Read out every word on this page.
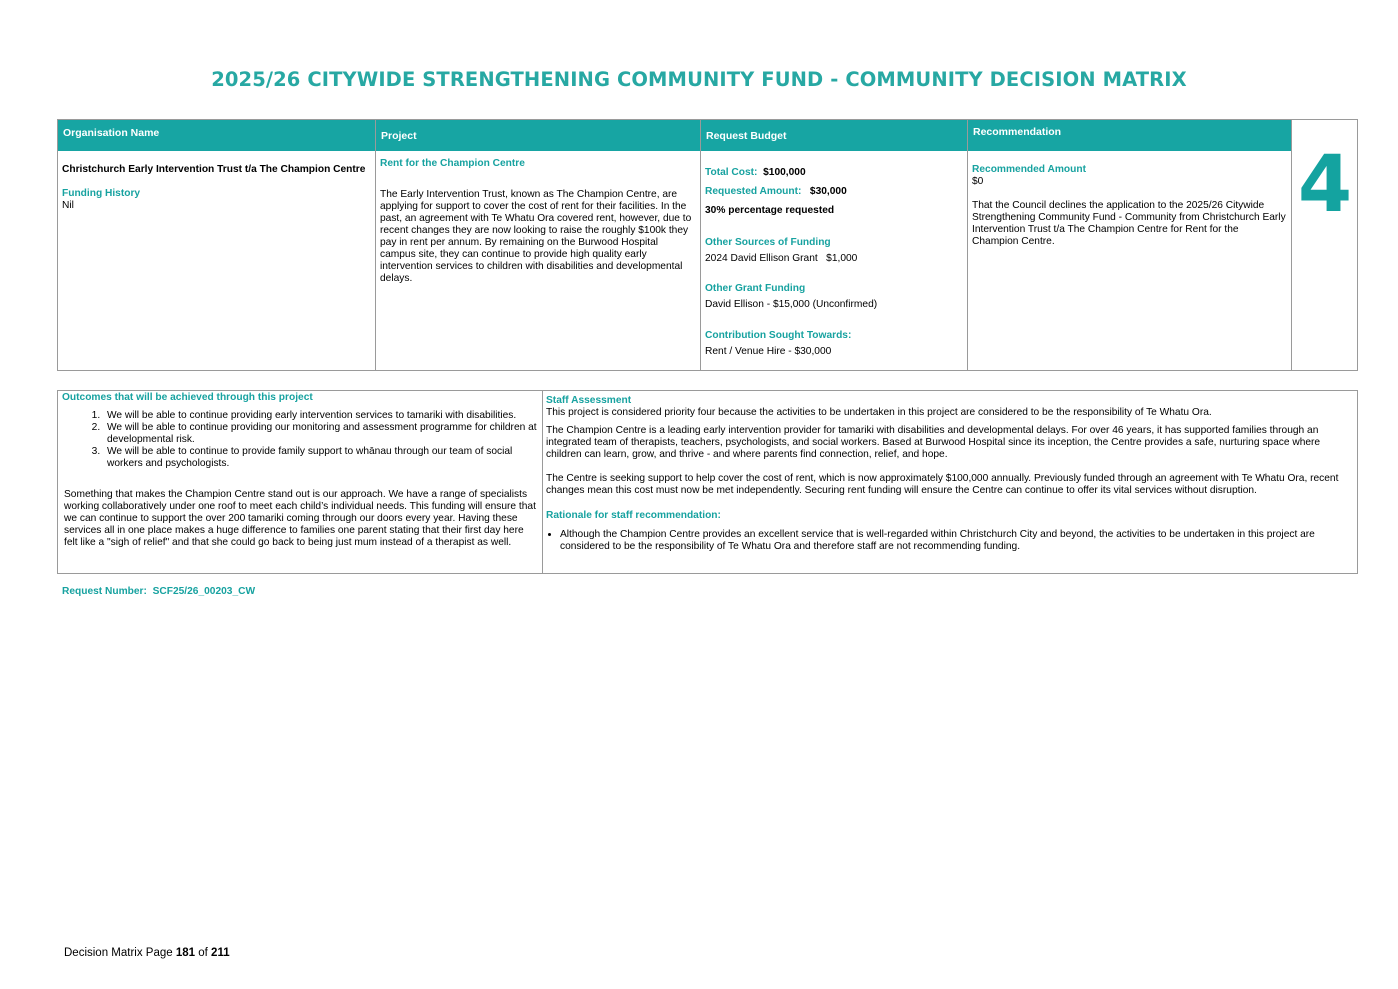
2025/26 CITYWIDE STRENGTHENING COMMUNITY FUND - COMMUNITY DECISION MATRIX
Organisation Name
Christchurch Early Intervention Trust t/a The Champion Centre
Funding History
Nil
Project
Rent for the Champion Centre
The Early Intervention Trust, known as The Champion Centre, are applying for support to cover the cost of rent for their facilities. In the past, an agreement with Te Whatu Ora covered rent, however, due to recent changes they are now looking to raise the roughly $100k they pay in rent per annum. By remaining on the Burwood Hospital campus site, they can continue to provide high quality early intervention services to children with disabilities and developmental delays.
Request Budget
Total Cost: $100,000
Requested Amount: $30,000
30% percentage requested
Other Sources of Funding
2024 David Ellison Grant   $1,000
Other Grant Funding
David Ellison - $15,000 (Unconfirmed)
Contribution Sought Towards:
Rent / Venue Hire - $30,000
Recommendation
Recommended Amount
$0
That the Council declines the application to the 2025/26 Citywide Strengthening Community Fund - Community from Christchurch Early Intervention Trust t/a The Champion Centre for Rent for the Champion Centre.
4
Outcomes that will be achieved through this project
1. We will be able to continue providing early intervention services to tamariki with disabilities.
2. We will be able to continue providing our monitoring and assessment programme for children at developmental risk.
3. We will be able to continue to provide family support to whānau through our team of social workers and psychologists.

Something that makes the Champion Centre stand out is our approach. We have a range of specialists working collaboratively under one roof to meet each child’s individual needs. This funding will ensure that we can continue to support the over 200 tamariki coming through our doors every year. Having these services all in one place makes a huge difference to families one parent stating that their first day here felt like a "sigh of relief" and that she could go back to being just mum instead of a therapist as well.

Staff Assessment

This project is considered priority four because the activities to be undertaken in this project are considered to be the responsibility of Te Whatu Ora.

The Champion Centre is a leading early intervention provider for tamariki with disabilities and developmental delays. For over 46 years, it has supported families through an integrated team of therapists, teachers, psychologists, and social workers. Based at Burwood Hospital since its inception, the Centre provides a safe, nurturing space where children can learn, grow, and thrive - and where parents find connection, relief, and hope.

The Centre is seeking support to help cover the cost of rent, which is now approximately $100,000 annually. Previously funded through an agreement with Te Whatu Ora, recent changes mean this cost must now be met independently. Securing rent funding will ensure the Centre can continue to offer its vital services without disruption.

Rationale for staff recommendation:
• Although the Champion Centre provides an excellent service that is well-regarded within Christchurch City and beyond, the activities to be undertaken in this project are considered to be the responsibility of Te Whatu Ora and therefore staff are not recommending funding.
Request Number: SCF25/26_00203_CW
Decision Matrix Page 181 of 211
